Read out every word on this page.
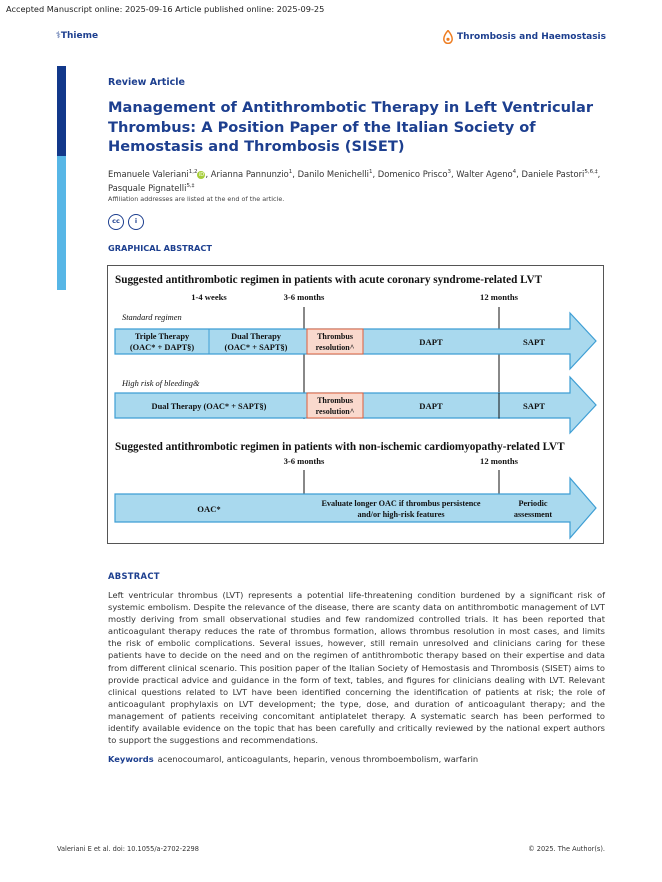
Accepted Manuscript online: 2025-09-16 Article published online: 2025-09-25
⚕Thieme	Thrombosis and Haemostasis
Review Article
Management of Antithrombotic Therapy in Left Ventricular Thrombus: A Position Paper of the Italian Society of Hemostasis and Thrombosis (SISET)
Emanuele Valeriani$^{1,2}$iD, Arianna Pannunzio$^1$, Danilo Menichelli$^1$, Domenico Prisco$^3$, Walter Ageno$^4$, Daniele Pastori$^{5,6,\ddagger}$, Pasquale Pignatelli$^{5,\ddagger}$
Affiliation addresses are listed at the end of the article.
cc	i
GRAPHICAL ABSTRACT
Suggested antithrombotic regimen in patients with acute coronary syndrome-related LVT
1-4 weeks	3-6 months	12 months
Standard regimen
Triple Therapy
(OAC* + DAPT§)
Dual Therapy
(OAC* + SAPT§)
Thrombus
resolution^
DAPT	SAPT
High risk of bleeding&
Dual Therapy (OAC* + SAPT§)
Thrombus
resolution^
DAPT	SAPT
Suggested antithrombotic regimen in patients with non-ischemic cardiomyopathy-related LVT
3-6 months	12 months
OAC*
Evaluate longer OAC if thrombus persistence
and/or high-risk features
Periodic
assessment
ABSTRACT

Left ventricular thrombus (LVT) represents a potential life-threatening condition burdened by a significant risk of systemic embolism. Despite the relevance of the disease, there are scanty data on antithrombotic management of LVT mostly deriving from small observational studies and few randomized controlled trials. It has been reported that anticoagulant therapy reduces the rate of thrombus formation, allows thrombus resolution in most cases, and limits the risk of embolic complications. Several issues, however, still remain unresolved and clinicians caring for these patients have to decide on the need and on the regimen of antithrombotic therapy based on their expertise and data from different clinical scenario. This position paper of the Italian Society of Hemostasis and Thrombosis (SISET) aims to provide practical advice and guidance in the form of text, tables, and figures for clinicians dealing with LVT. Relevant clinical questions related to LVT have been identified concerning the identification of patients at risk; the role of anticoagulant prophylaxis on LVT development; the type, dose, and duration of anticoagulant therapy; and the management of patients receiving concomitant antiplatelet therapy. A systematic search has been performed to identify available evidence on the topic that has been carefully and critically reviewed by the national expert authors to support the suggestions and recommendations.

Keywords acenocoumarol, anticoagulants, heparin, venous thromboembolism, warfarin
Valeriani E et al. doi: 10.1055/a-2702-2298	© 2025. The Author(s).
